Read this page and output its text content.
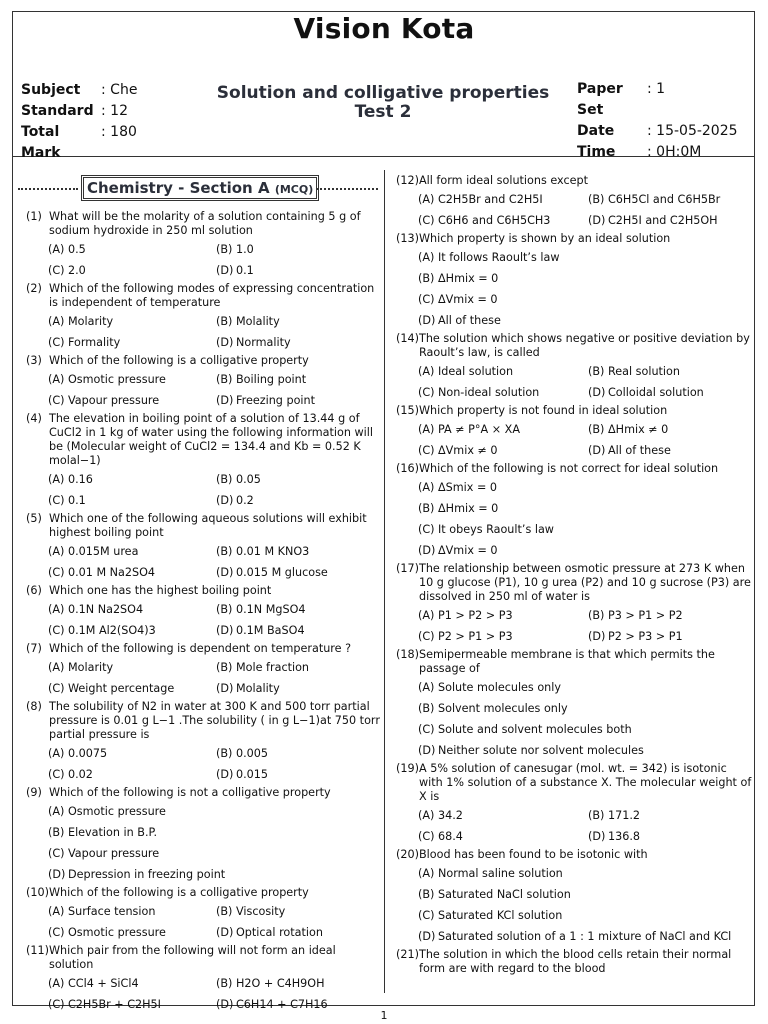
Vision Kota
Subject	: Che
Standard : 12
Total Mark
: 180
Solution and colligative properties
Test 2
Paper Set
: 1
Date	: 15-05-2025
Time	: 0H:0M
Chemistry - Section A (MCQ)
(1) What will be the molarity of a solution containing 5 g of sodium hydroxide in 250 ml solution
(A) 0.5	(B) 1.0
(C) 2.0	(D) 0.1
(2) Which of the following modes of expressing concentration is independent of temperature
(A) Molarity	(B) Molality
(C) Formality	(D) Normality
(3) Which of the following is a colligative property
(A) Osmotic pressure	(B) Boiling point
(C) Vapour pressure	(D) Freezing point
(4) The elevation in boiling point of a solution of 13.44 g of CuCl2 in 1 kg of water using the following information will be (Molecular weight of CuCl2 = 134.4 and Kb = 0.52 K molal−1)
(A) 0.16	(B) 0.05
(C) 0.1	(D) 0.2
(5) Which one of the following aqueous solutions will exhibit highest boiling point
(A) 0.015M urea	(B) 0.01 M KNO3
(C) 0.01 M Na2SO4	(D) 0.015 M glucose
(6) Which one has the highest boiling point
(A) 0.1N Na2SO4	(B) 0.1N MgSO4
(C) 0.1M Al2(SO4)3	(D) 0.1M BaSO4
(7) Which of the following is dependent on temperature ?
(A) Molarity	(B) Mole fraction
(C) Weight percentage	(D) Molality
(8) The solubility of N2 in water at 300 K and 500 torr partial pressure is 0.01 g L−1 .The solubility ( in g L−1)at 750 torr partial pressure is
(A) 0.0075	(B) 0.005
(C) 0.02	(D) 0.015
(9) Which of the following is not a colligative property
(A) Osmotic pressure
(B) Elevation in B.P.
(C) Vapour pressure
(D) Depression in freezing point
(10) Which of the following is a colligative property
(A) Surface tension	(B) Viscosity
(C) Osmotic pressure	(D) Optical rotation
(11) Which pair from the following will not form an ideal solution
(A) CCl4 + SiCl4	(B) H2O + C4H9OH
(C) C2H5Br + C2H5I	(D) C6H14 + C7H16
(12) All form ideal solutions except
(A) C2H5Br and C2H5I	(B) C6H5Cl and C6H5Br
(C) C6H6 and C6H5CH3	(D) C2H5I and C2H5OH
(13) Which property is shown by an ideal solution
(A) It follows Raoult’s law
(B) ΔHmix = 0
(C) ΔVmix = 0
(D) All of these
(14) The solution which shows negative or positive deviation by Raoult’s law, is called
(A) Ideal solution	(B) Real solution
(C) Non-ideal solution	(D) Colloidal solution
(15) Which property is not found in ideal solution
(A) PA ≠ P°A × XA	(B) ΔHmix ≠ 0
(C) ΔVmix ≠ 0	(D) All of these
(16) Which of the following is not correct for ideal solution
(A) ΔSmix = 0
(B) ΔHmix = 0
(C) It obeys Raoult’s law
(D) ΔVmix = 0
(17) The relationship between osmotic pressure at 273 K when 10 g glucose (P1), 10 g urea (P2) and 10 g sucrose (P3) are dissolved in 250 ml of water is
(A) P1 > P2 > P3	(B) P3 > P1 > P2
(C) P2 > P1 > P3	(D) P2 > P3 > P1
(18) Semipermeable membrane is that which permits the passage of
(A) Solute molecules only
(B) Solvent molecules only
(C) Solute and solvent molecules both
(D) Neither solute nor solvent molecules
(19) A 5% solution of canesugar (mol. wt. = 342) is isotonic with 1% solution of a substance X. The molecular weight of X is
(A) 34.2	(B) 171.2
(C) 68.4	(D) 136.8
(20) Blood has been found to be isotonic with
(A) Normal saline solution
(B) Saturated NaCl solution
(C) Saturated KCl solution
(D) Saturated solution of a 1 : 1 mixture of NaCl and KCl
(21) The solution in which the blood cells retain their normal form are with regard to the blood
1
